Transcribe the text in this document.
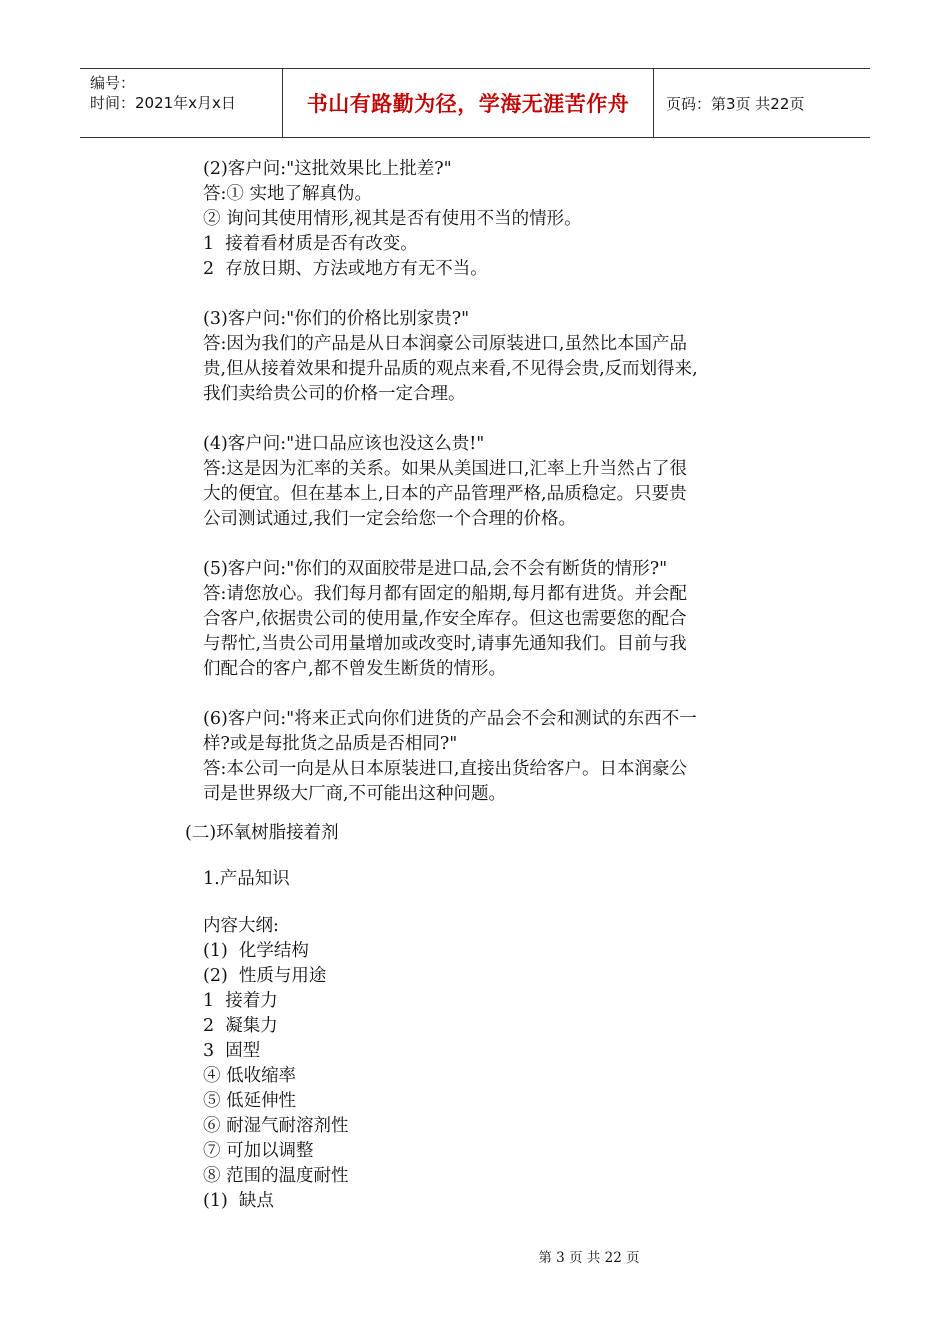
编号：
时间：2021年x月x日	书山有路勤为径，学海无涯苦作舟	页码：第3页 共22页
(2)客户问:"这批效果比上批差?"
答:① 实地了解真伪。
② 询问其使用情形,视其是否有使用不当的情形。
1  接着看材质是否有改变。
2  存放日期、方法或地方有无不当。
(3)客户问:"你们的价格比别家贵?"
答:因为我们的产品是从日本润豪公司原装进口,虽然比本国产品
贵,但从接着效果和提升品质的观点来看,不见得会贵,反而划得来,
我们卖给贵公司的价格一定合理。
(4)客户问:"进口品应该也没这么贵!"
答:这是因为汇率的关系。如果从美国进口,汇率上升当然占了很
大的便宜。但在基本上,日本的产品管理严格,品质稳定。只要贵
公司测试通过,我们一定会给您一个合理的价格。
(5)客户问:"你们的双面胶带是进口品,会不会有断货的情形?"
答:请您放心。我们每月都有固定的船期,每月都有进货。并会配
合客户,依据贵公司的使用量,作安全库存。但这也需要您的配合
与帮忙,当贵公司用量增加或改变时,请事先通知我们。目前与我
们配合的客户,都不曾发生断货的情形。
(6)客户问:"将来正式向你们进货的产品会不会和测试的东西不一
样?或是每批货之品质是否相同?"
答:本公司一向是从日本原装进口,直接出货给客户。日本润豪公
司是世界级大厂商,不可能出这种问题。
(二)环氧树脂接着剂
1.产品知识
内容大纲:
(1)  化学结构
(2)  性质与用途
1  接着力
2  凝集力
3  固型
④ 低收缩率
⑤ 低延伸性
⑥ 耐湿气耐溶剂性
⑦ 可加以调整
⑧ 范围的温度耐性
(1)  缺点
第 3 页 共 22 页
